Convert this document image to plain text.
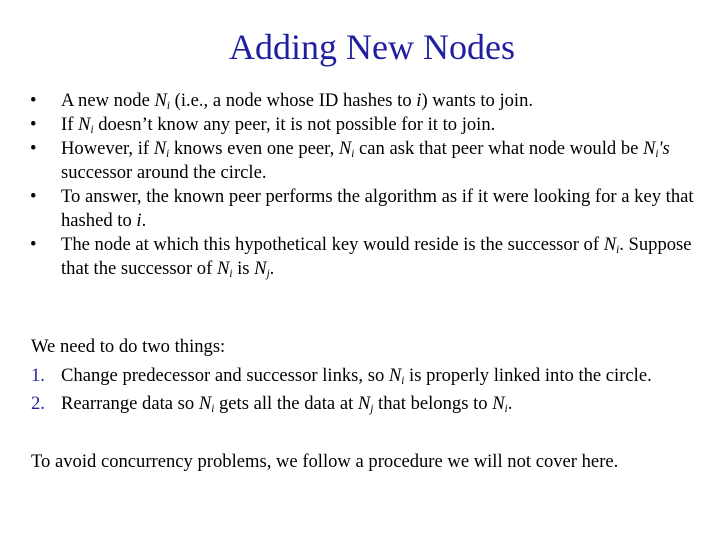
Adding New Nodes
• A new node $N_i$ (i.e., a node whose ID hashes to i) wants to join.
• If $N_i$ doesn’t know any peer, it is not possible for it to join.
• However, if $N_i$ knows even one peer, $N_i$ can ask that peer what node would be $N_i's$ successor around the circle.
• To answer, the known peer performs the algorithm as if it were looking for a key that hashed to i.
• The node at which this hypothetical key would reside is the successor of $N_i$. Suppose that the successor of $N_i$ is $N_j$.
We need to do two things:
1. Change predecessor and successor links, so $N_i$ is properly linked into the circle.
2. Rearrange data so $N_i$ gets all the data at $N_j$ that belongs to $N_i$.
To avoid concurrency problems, we follow a procedure we will not cover here.
